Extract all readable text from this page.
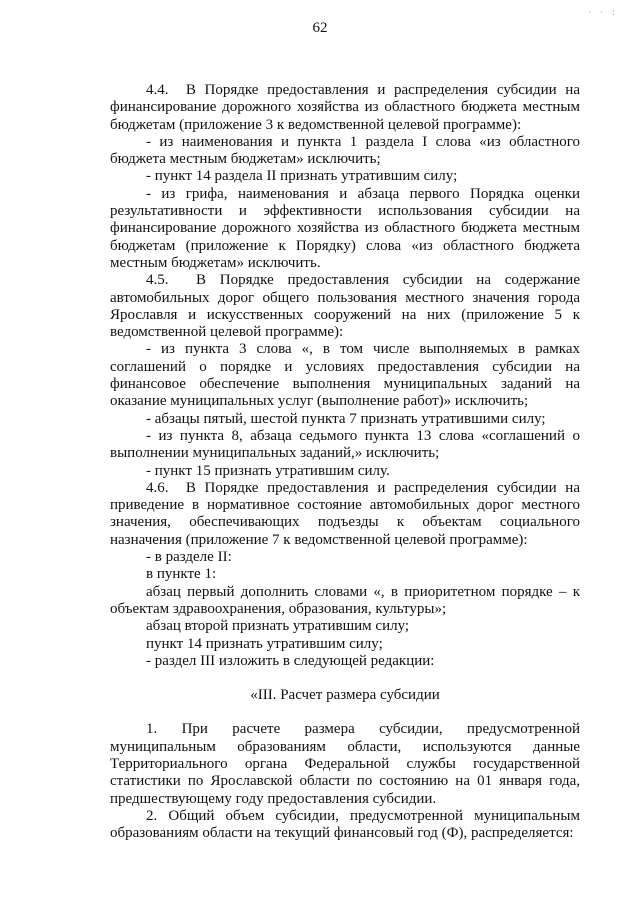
· · :
62

4.4.  В Порядке предоставления и распределения субсидии на финансирование дорожного хозяйства из областного бюджета местным бюджетам (приложение 3 к ведомственной целевой программе):

- из наименования и пункта 1 раздела I слова «из областного бюджета местным бюджетам» исключить;

- пункт 14 раздела II признать утратившим силу;

- из грифа, наименования и абзаца первого Порядка оценки результативности и эффективности использования субсидии на финансирование дорожного хозяйства из областного бюджета местным бюджетам (приложение к Порядку) слова «из областного бюджета местным бюджетам» исключить.

4.5.  В Порядке предоставления субсидии на содержание автомобильных дорог общего пользования местного значения города Ярославля и искусственных сооружений на них (приложение 5 к ведомственной целевой программе):

- из пункта 3 слова «, в том числе выполняемых в рамках соглашений о порядке и условиях предоставления субсидии на финансовое обеспечение выполнения муниципальных заданий на оказание муниципальных услуг (выполнение работ)» исключить;

- абзацы пятый, шестой пункта 7 признать утратившими силу;

- из пункта 8, абзаца седьмого пункта 13 слова «соглашений о выполнении муниципальных заданий,» исключить;

- пункт 15 признать утратившим силу.

4.6.  В Порядке предоставления и распределения субсидии на приведение в нормативное состояние автомобильных дорог местного значения, обеспечивающих подъезды к объектам социального назначения (приложение 7 к ведомственной целевой программе):

- в разделе II:

в пункте 1:

абзац первый дополнить словами «, в приоритетном порядке – к объектам здравоохранения, образования, культуры»;

абзац второй признать утратившим силу;

пункт 14 признать утратившим силу;

- раздел III изложить в следующей редакции:

«III. Расчет размера субсидии

1. При расчете размера субсидии, предусмотренной муниципальным образованиям области, используются данные Территориального органа Федеральной службы государственной статистики по Ярославской области по состоянию на 01 января года, предшествующему году предоставления субсидии.

2. Общий объем субсидии, предусмотренной муниципальным образованиям области на текущий финансовый год (Ф), распределяется:
